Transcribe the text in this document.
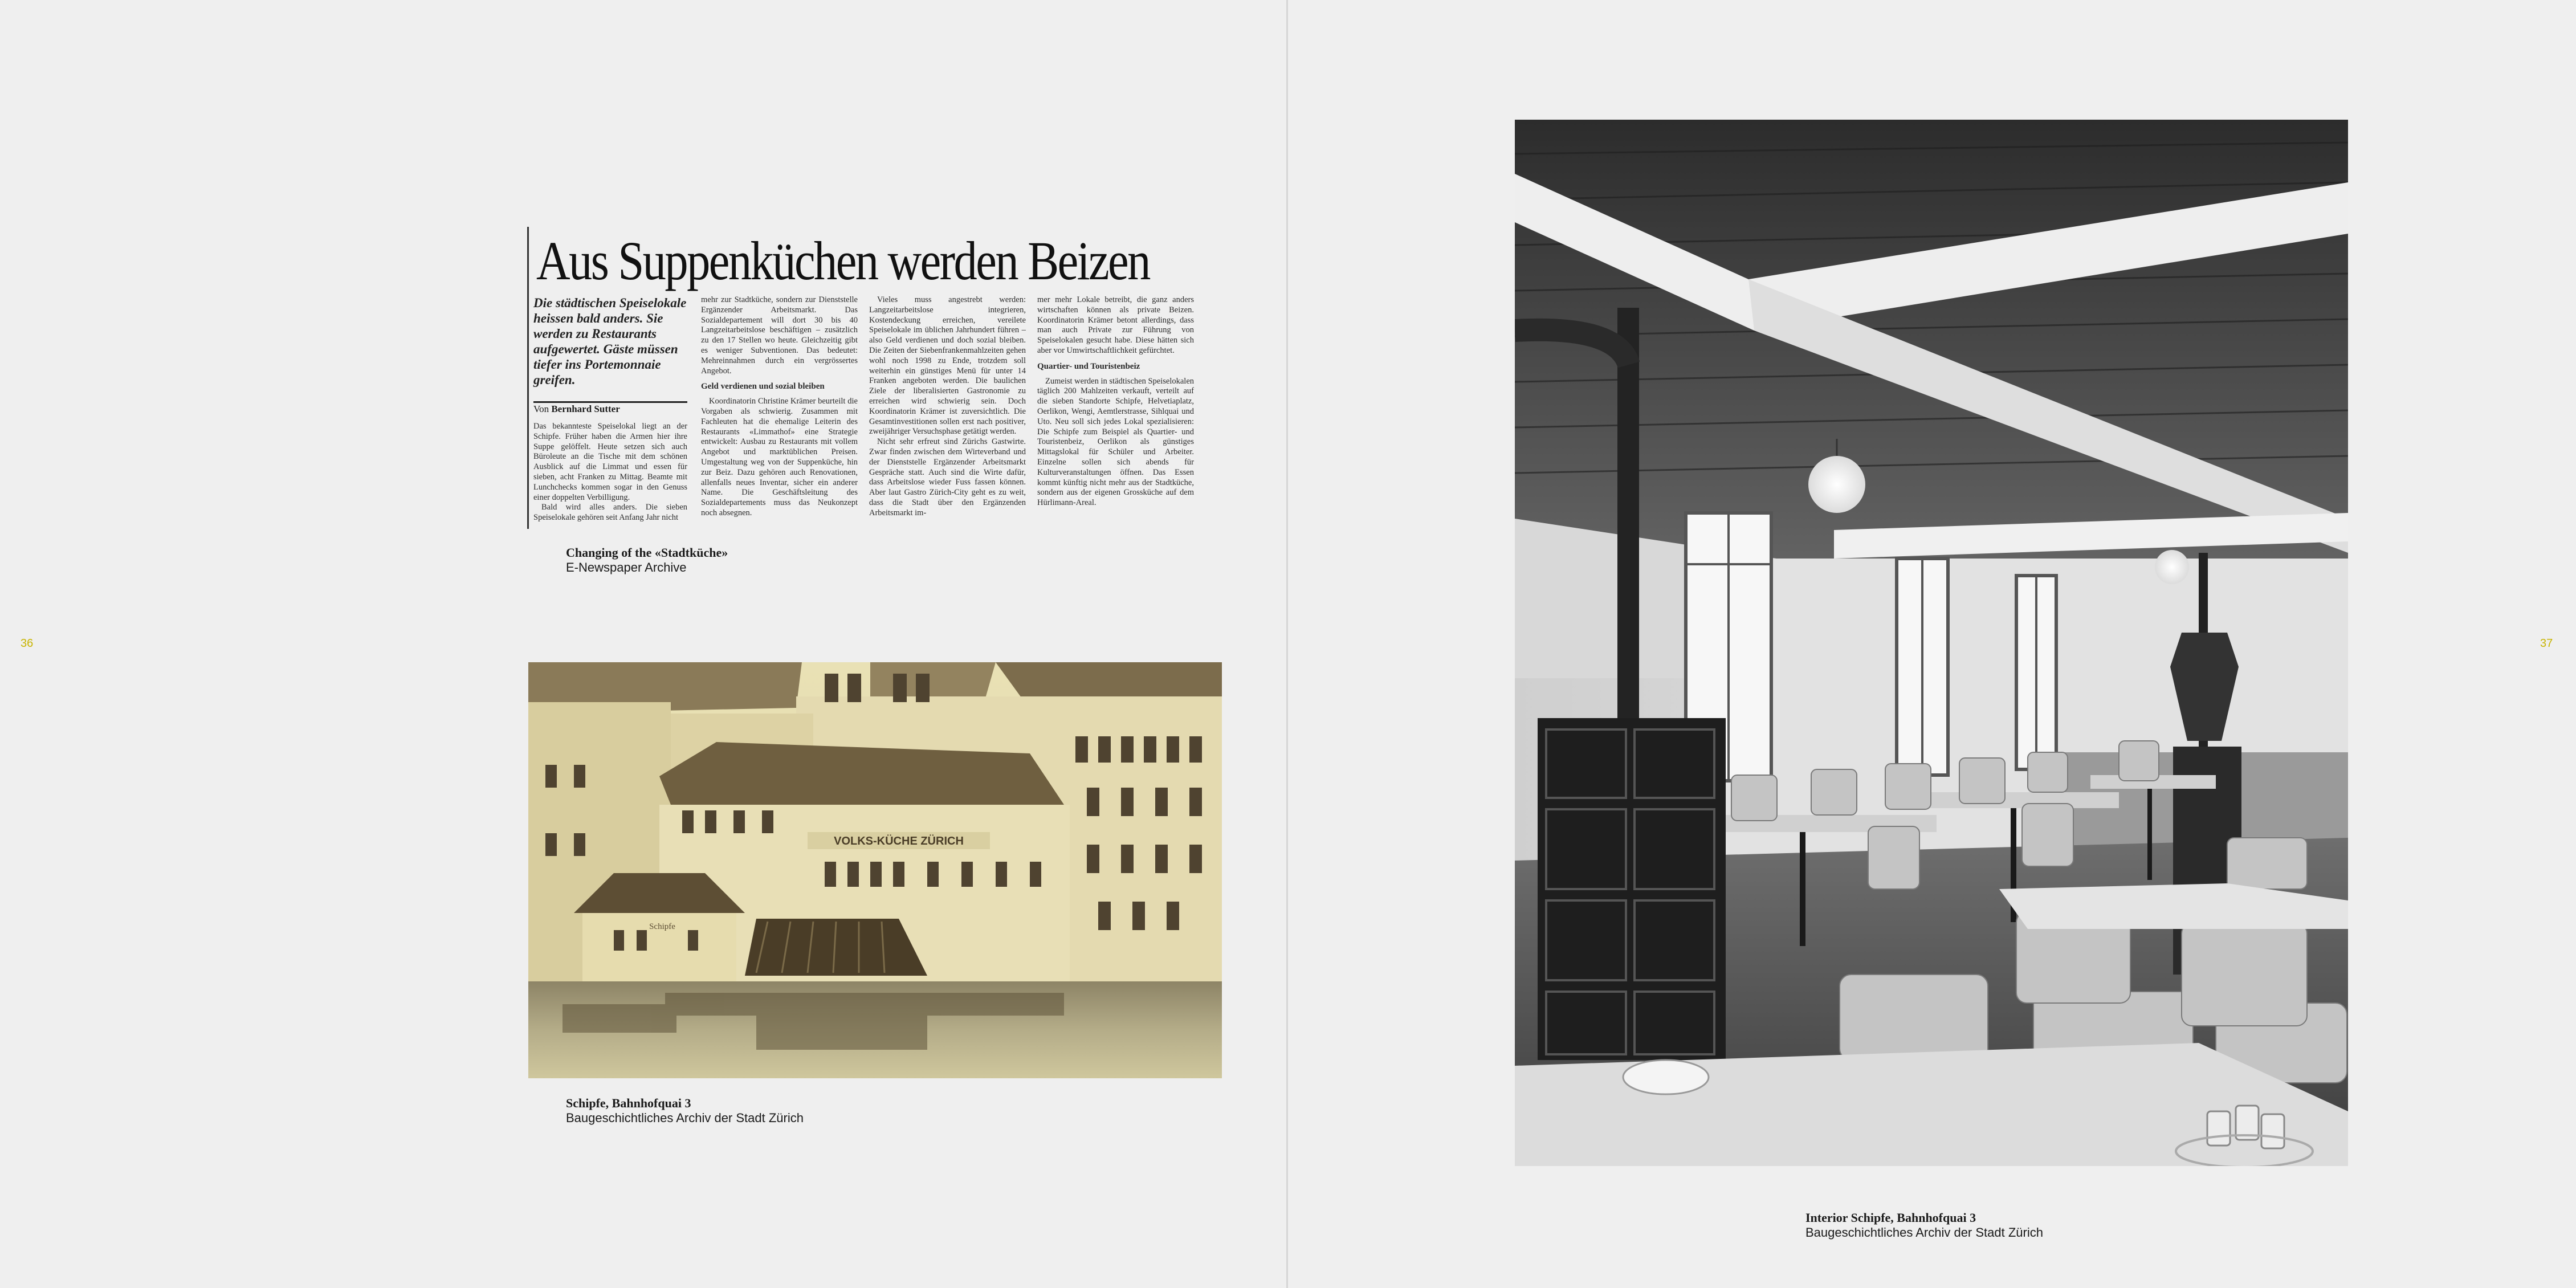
36	37
Aus Suppenküchen werden Beizen
Die städtischen Speiselokale heissen bald anders. Sie werden zu Restaurants aufgewertet. Gäste müssen tiefer ins Portemonnaie greifen.
Von Bernhard Sutter

Das bekannteste Speiselokal liegt an der Schipfe. Früher haben die Armen hier ihre Suppe gelöffelt. Heute setzen sich auch Büroleute an die Tische mit dem schönen Ausblick auf die Limmat und essen für sieben, acht Franken zu Mittag. Beamte mit Lunchchecks kommen sogar in den Genuss einer doppelten Verbilligung.

Bald wird alles anders. Die sieben Speiselokale gehören seit Anfang Jahr nicht

mehr zur Stadtküche, sondern zur Dienststelle Ergänzender Arbeitsmarkt. Das Sozialdepartement will dort 30 bis 40 Langzeitarbeitslose beschäftigen – zusätzlich zu den 17 Stellen wo heute. Gleichzeitig gibt es weniger Subventionen. Das bedeutet: Mehreinnahmen durch ein vergrössertes Angebot.

Geld verdienen und sozial bleiben

Koordinatorin Christine Krämer beurteilt die Vorgaben als schwierig. Zusammen mit Fachleuten hat die ehemalige Leiterin des Restaurants «Limmathof» eine Strategie entwickelt: Ausbau zu Restaurants mit vollem Angebot und marktüblichen Preisen. Umgestaltung weg von der Suppenküche, hin zur Beiz. Dazu gehören auch Renovationen, allenfalls neues Inventar, sicher ein anderer Name. Die Geschäftsleitung des Sozialdepartements muss das Neukonzept noch absegnen.

Vieles muss angestrebt werden: Langzeitarbeitslose integrieren, Kostendeckung erreichen, vereilete Speiselokale im üblichen Jahrhundert führen – also Geld verdienen und doch sozial bleiben. Die Zeiten der Siebenfrankenmahlzeiten gehen wohl noch 1998 zu Ende, trotzdem soll weiterhin ein günstiges Menü für unter 14 Franken angeboten werden. Die baulichen Ziele der liberalisierten Gastronomie zu erreichen wird schwierig sein. Doch Koordinatorin Krämer ist zuversichtlich. Die Gesamtinvestitionen sollen erst nach positiver, zweijähriger Versuchsphase getätigt werden.

Nicht sehr erfreut sind Zürichs Gastwirte. Zwar finden zwischen dem Wirteverband und der Dienststelle Ergänzender Arbeitsmarkt Gespräche statt. Auch sind die Wirte dafür, dass Arbeitslose wieder Fuss fassen können. Aber laut Gastro Zürich-City geht es zu weit, dass die Stadt über den Ergänzenden Arbeitsmarkt im-

mer mehr Lokale betreibt, die ganz anders wirtschaften können als private Beizen. Koordinatorin Krämer betont allerdings, dass man auch Private zur Führung von Speiselokalen gesucht habe. Diese hätten sich aber vor Umwirtschaftlichkeit gefürchtet.

Quartier- und Touristenbeiz

Zumeist werden in städtischen Speiselokalen täglich 200 Mahlzeiten verkauft, verteilt auf die sieben Standorte Schipfe, Helvetiaplatz, Oerlikon, Wengi, Aemtlerstrasse, Sihlquai und Uto. Neu soll sich jedes Lokal spezialisieren: Die Schipfe zum Beispiel als Quartier- und Touristenbeiz, Oerlikon als günstiges Mittagslokal für Schüler und Arbeiter. Einzelne sollen sich abends für Kulturveranstaltungen öffnen. Das Essen kommt künftig nicht mehr aus der Stadtküche, sondern aus der eigenen Grossküche auf dem Hürlimann-Areal.

Changing of the «Stadtküche»
E-Newspaper Archive
VOLKS-KÜCHE ZÜRICH
Schipfe
Schipfe, Bahnhofquai 3
Baugeschichtliches Archiv der Stadt Zürich
Interior Schipfe, Bahnhofquai 3
Baugeschichtliches Archiv der Stadt Zürich
